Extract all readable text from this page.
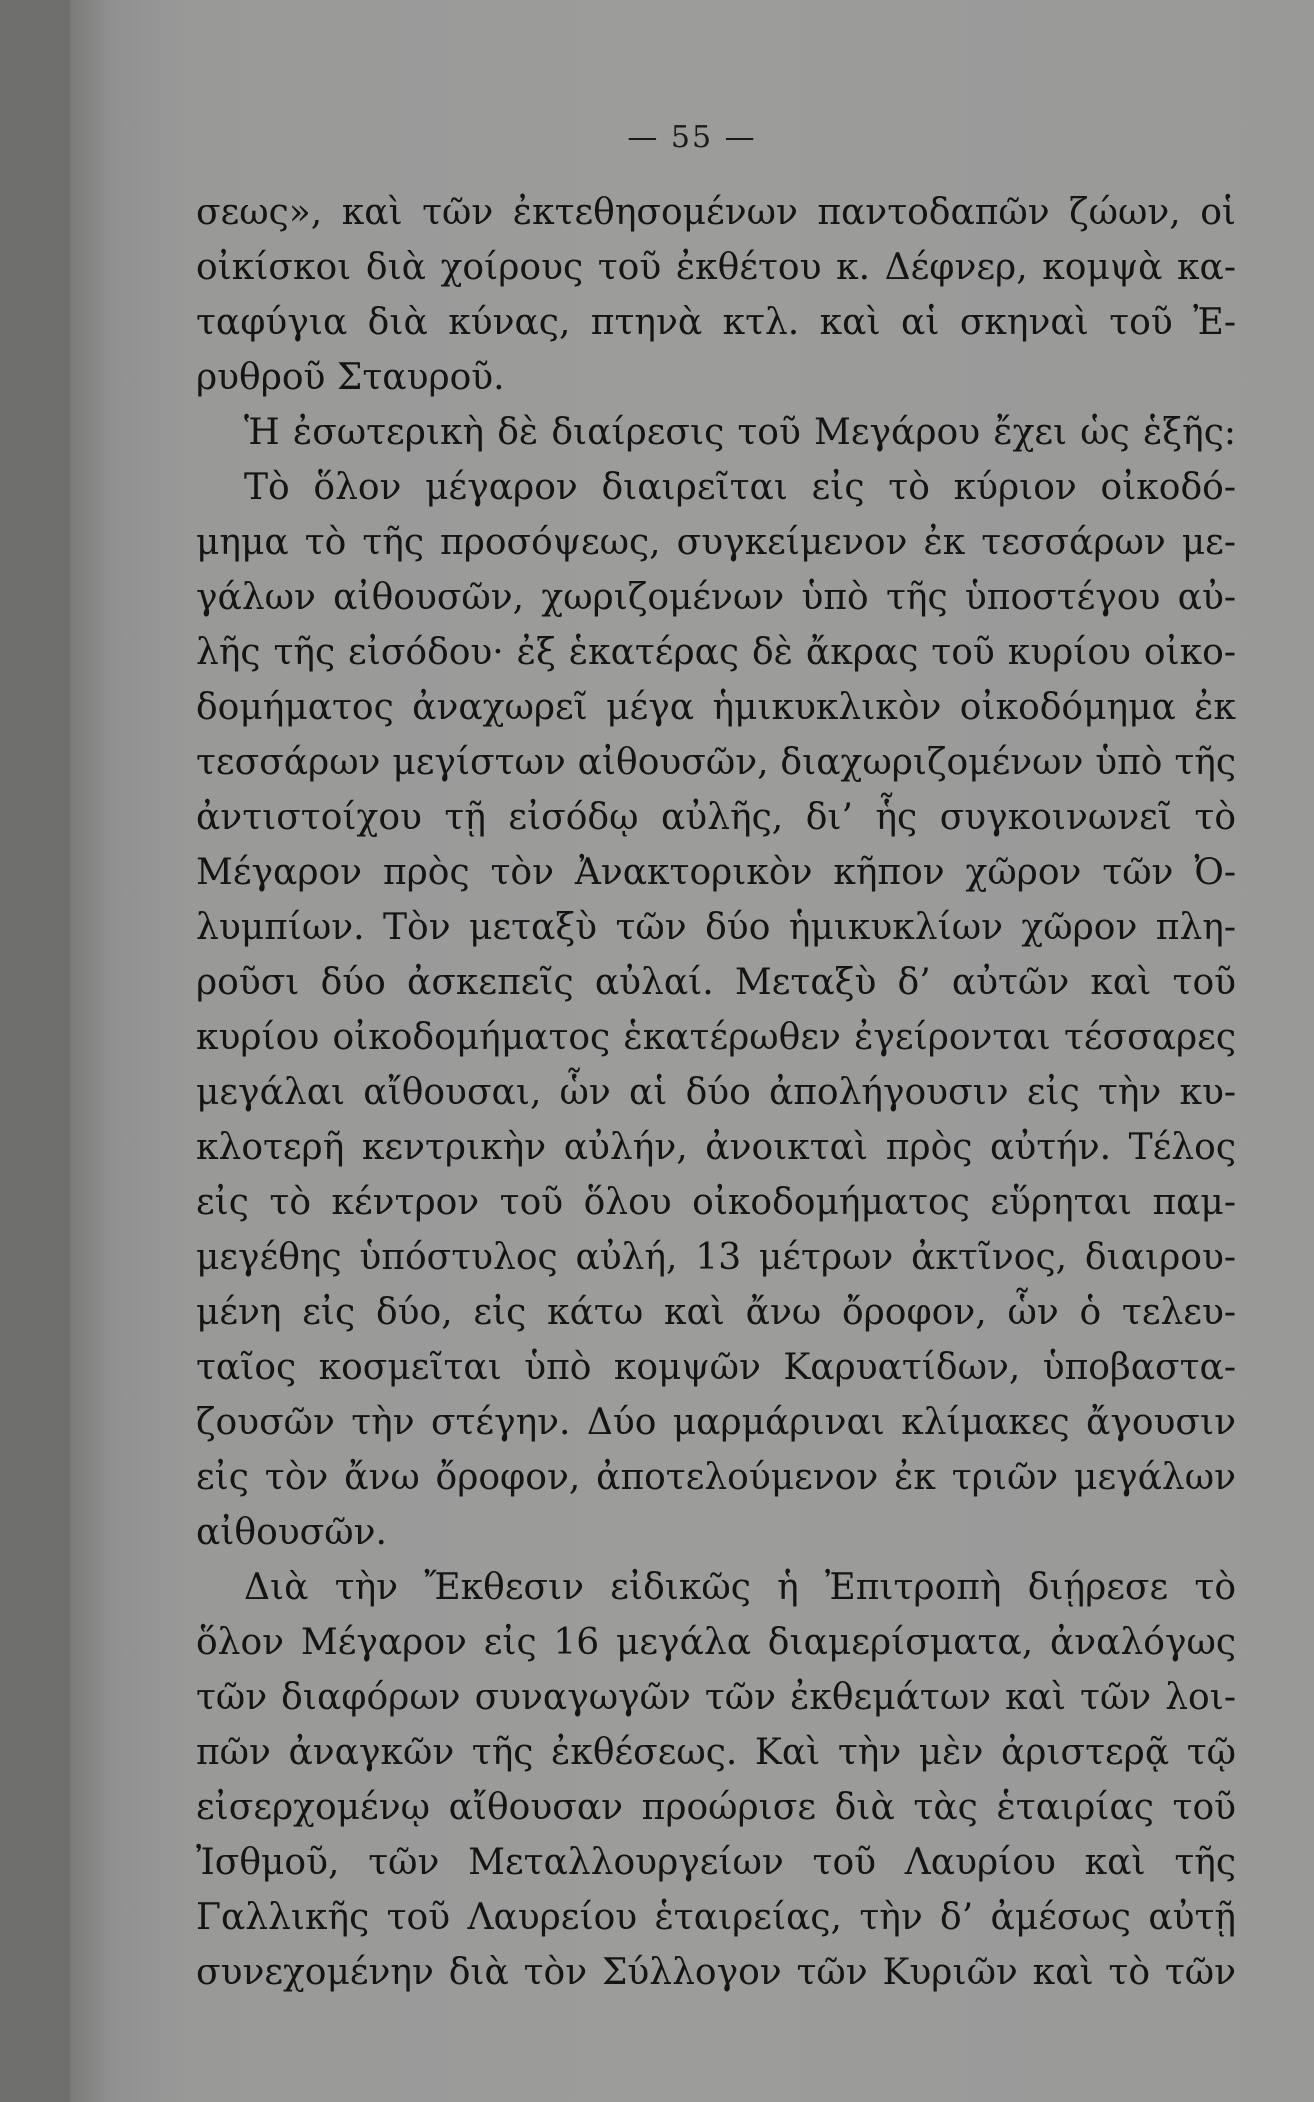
— 55 —
σεως», καὶ τῶν ἐκτεθησομένων παντοδαπῶν ζώων, οἱ
οἰκίσκοι διὰ χοίρους τοῦ ἐκθέτου κ. Δέφνερ, κομψὰ κα-
ταφύγια διὰ κύνας, πτηνὰ κτλ. καὶ αἱ σκηναὶ τοῦ Ἐ-
ρυθροῦ Σταυροῦ.
Ἡ ἐσωτερικὴ δὲ διαίρεσις τοῦ Μεγάρου ἔχει ὡς ἑξῆς:
Τὸ ὅλον μέγαρον διαιρεῖται εἰς τὸ κύριον οἰκοδό-
μημα τὸ τῆς προσόψεως, συγκείμενον ἐκ τεσσάρων με-
γάλων αἰθουσῶν, χωριζομένων ὑπὸ τῆς ὑποστέγου αὐ-
λῆς τῆς εἰσόδου· ἐξ ἑκατέρας δὲ ἄκρας τοῦ κυρίου οἰκο-
δομήματος ἀναχωρεῖ μέγα ἡμικυκλικὸν οἰκοδόμημα ἐκ
τεσσάρων μεγίστων αἰθουσῶν, διαχωριζομένων ὑπὸ τῆς
ἀντιστοίχου τῇ εἰσόδῳ αὐλῆς, δι’ ἧς συγκοινωνεῖ τὸ
Μέγαρον πρὸς τὸν Ἀνακτορικὸν κῆπον χῶρον τῶν Ὀ-
λυμπίων. Τὸν μεταξὺ τῶν δύο ἡμικυκλίων χῶρον πλη-
ροῦσι δύο ἀσκεπεῖς αὐλαί. Μεταξὺ δ’ αὐτῶν καὶ τοῦ
κυρίου οἰκοδομήματος ἑκατέρωθεν ἐγείρονται τέσσαρες
μεγάλαι αἴθουσαι, ὧν αἱ δύο ἀπολήγουσιν εἰς τὴν κυ-
κλοτερῆ κεντρικὴν αὐλήν, ἀνοικταὶ πρὸς αὐτήν. Τέλος
εἰς τὸ κέντρον τοῦ ὅλου οἰκοδομήματος εὕρηται παμ-
μεγέθης ὑπόστυλος αὐλή, 13 μέτρων ἀκτῖνος, διαιρου-
μένη εἰς δύο, εἰς κάτω καὶ ἄνω ὄροφον, ὧν ὁ τελευ-
ταῖος κοσμεῖται ὑπὸ κομψῶν Καρυατίδων, ὑποβαστα-
ζουσῶν τὴν στέγην. Δύο μαρμάριναι κλίμακες ἄγουσιν
εἰς τὸν ἄνω ὄροφον, ἀποτελούμενον ἐκ τριῶν μεγάλων
αἰθουσῶν.
Διὰ τὴν Ἔκθεσιν εἰδικῶς ἡ Ἐπιτροπὴ διῄρεσε τὸ
ὅλον Μέγαρον εἰς 16 μεγάλα διαμερίσματα, ἀναλόγως
τῶν διαφόρων συναγωγῶν τῶν ἐκθεμάτων καὶ τῶν λοι-
πῶν ἀναγκῶν τῆς ἐκθέσεως. Καὶ τὴν μὲν ἀριστερᾷ τῷ
εἰσερχομένῳ αἴθουσαν προώρισε διὰ τὰς ἑταιρίας τοῦ
Ἰσθμοῦ, τῶν Μεταλλουργείων τοῦ Λαυρίου καὶ τῆς
Γαλλικῆς τοῦ Λαυρείου ἑταιρείας, τὴν δ’ ἀμέσως αὐτῇ
συνεχομένην διὰ τὸν Σύλλογον τῶν Κυριῶν καὶ τὸ τῶν
